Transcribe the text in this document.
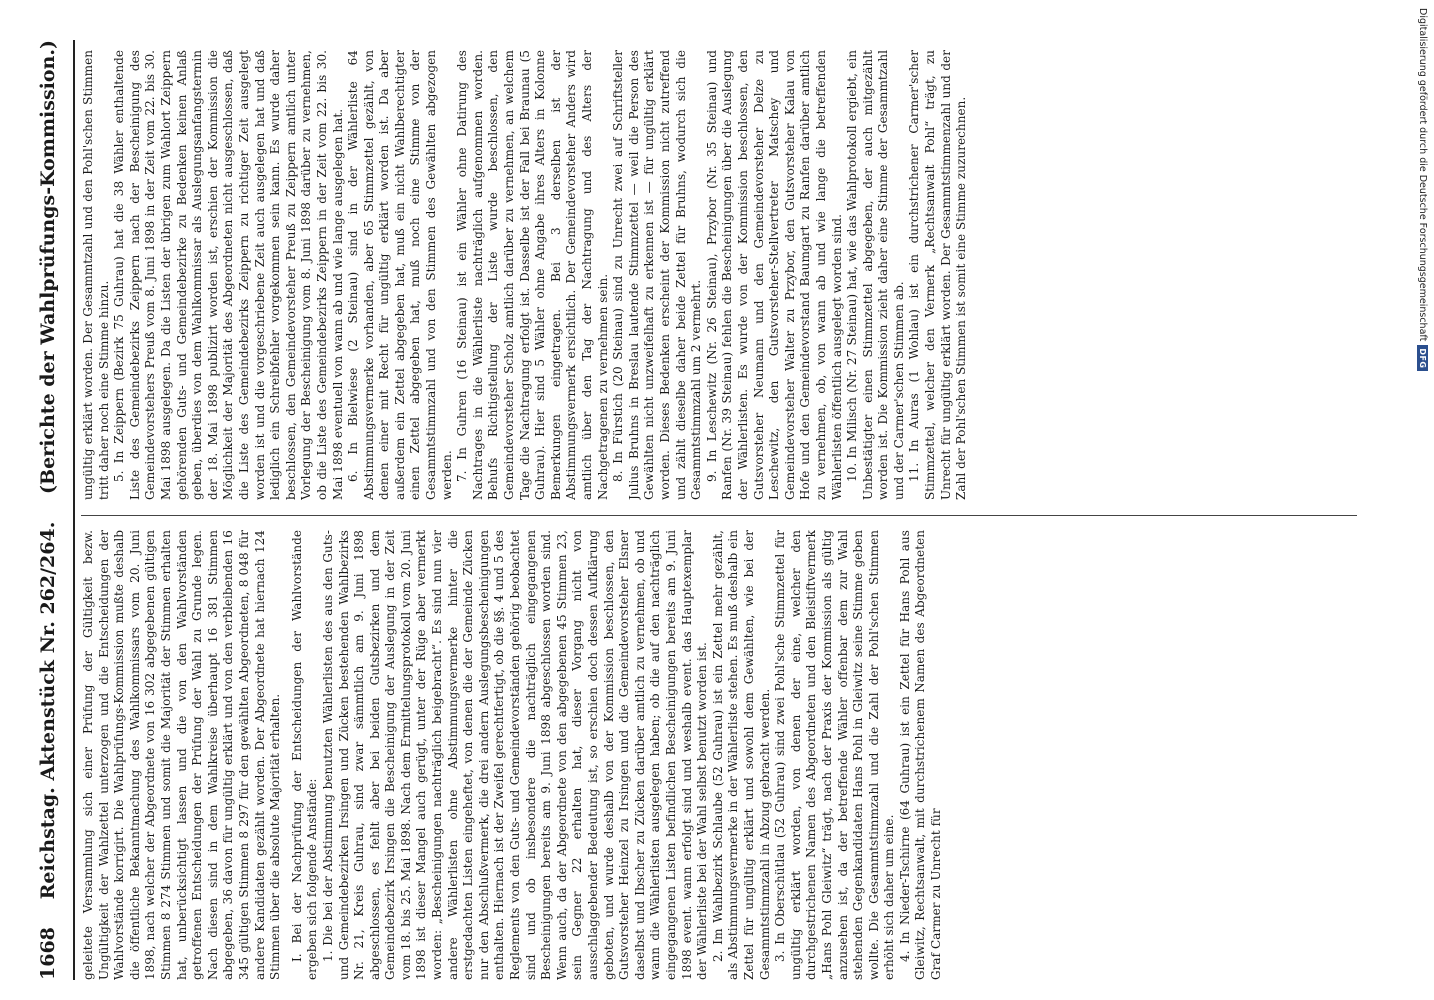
1668
Reichstag. Aktenstück Nr. 262/264.
(Berichte der Wahlprüfungs-Kommission.)

geleitete Versammlung sich einer Prüfung der Gültigkeit bezw. Ungültigkeit der Wahlzettel unterzogen und die Entscheidungen der Wahlvorstände korrigirt. Die Wahlprüfungs-Kommission mußte deshalb die öffentliche Bekanntmachung des Wahlkommissars vom 20. Juni 1898, nach welcher der Abgeordnete von 16 302 abgegebenen gültigen Stimmen 8 274 Stimmen und somit die Majorität der Stimmen erhalten hat, unberücksichtigt lassen und die von den Wahlvorständen getroffenen Entscheidungen der Prüfung der Wahl zu Grunde legen. Nach diesen sind in dem Wahlkreise überhaupt 16 381 Stimmen abgegeben, 36 davon für ungültig erklärt und von den verbleibenden 16 345 gültigen Stimmen 8 297 für den gewählten Abgeordneten, 8 048 für andere Kandidaten gezählt worden. Der Abgeordnete hat hiernach 124 Stimmen über die absolute Majorität erhalten. I. Bei der Nachprüfung der Entscheidungen der Wahlvorstände ergeben sich folgende Anstände: 1. Die bei der Abstimmung benutzten Wählerlisten des aus den Guts- und Gemeindebezirken Irsingen und Zücken bestehenden Wahlbezirks Nr. 21, Kreis Guhrau, sind zwar sämmtlich am 9. Juni 1898 abgeschlossen, es fehlt aber bei beiden Gutsbezirken und dem Gemeindebezirk Irsingen die Bescheinigung der Auslegung in der Zeit vom 18. bis 25. Mai 1898. Nach dem Ermittelungsprotokoll vom 20. Juni 1898 ist dieser Mangel auch gerügt, unter der Rüge aber vermerkt worden: „Bescheinigungen nachträglich beigebracht“. Es sind nun vier andere Wählerlisten ohne Abstimmungsvermerke hinter die erstgedachten Listen eingeheftet, von denen die der Gemeinde Zücken nur den Abschlußvermerk, die drei andern Auslegungsbescheinigungen enthalten. Hiernach ist der Zweifel gerechtfertigt, ob die §§. 4 und 5 des Reglements von den Guts- und Gemeindevorständen gehörig beobachtet sind und ob insbesondere die nachträglich eingegangenen Bescheinigungen bereits am 9. Juni 1898 abgeschlossen worden sind. Wenn auch, da der Abgeordnete von den abgegebenen 45 Stimmen 23, sein Gegner 22 erhalten hat, dieser Vorgang nicht von ausschlaggebender Bedeutung ist, so erschien doch dessen Aufklärung geboten, und wurde deshalb von der Kommission beschlossen, den Gutsvorsteher Heinzel zu Irsingen und die Gemeindevorsteher Elsner daselbst und Ibscher zu Zücken darüber amtlich zu vernehmen, ob und wann die Wählerlisten ausgelegen haben; ob die auf den nachträglich eingegangenen Listen befindlichen Bescheinigungen bereits am 9. Juni 1898 event. wann erfolgt sind und weshalb event. das Hauptexemplar der Wählerliste bei der Wahl selbst benutzt worden ist. 2. Im Wahlbezirk Schlaube (52 Guhrau) ist ein Zettel mehr gezählt, als Abstimmungsvermerke in der Wählerliste stehen. Es muß deshalb ein Zettel für ungültig erklärt und sowohl dem Gewählten, wie bei der Gesammtstimmzahl in Abzug gebracht werden. 3. In Oberschütlau (52 Guhrau) sind zwei Pohl'sche Stimmzettel für ungültig erklärt worden, von denen der eine, welcher den durchgestrichenen Namen des Abgeordneten und den Bleistiftvermerk „Hans Pohl Gleiwitz“ trägt, nach der Praxis der Kommission als gültig anzusehen ist, da der betreffende Wähler offenbar dem zur Wahl stehenden Gegenkandidaten Hans Pohl in Gleiwitz seine Stimme geben wollte. Die Gesammtstimmzahl und die Zahl der Pohl'schen Stimmen erhöht sich daher um eine. 4. In Nieder-Tschirne (64 Guhrau) ist ein Zettel für Hans Pohl aus Gleiwitz, Rechtsanwalt, mit durchstrichenem Namen des Abgeordneten Graf Carmer zu Unrecht für

ungültig erklärt worden. Der Gesammtzahl und den Pohl'schen Stimmen tritt daher noch eine Stimme hinzu. 5. In Zeippern (Bezirk 75 Guhrau) hat die 38 Wähler enthaltende Liste des Gemeindebezirks Zeippern nach der Bescheinigung des Gemeindevorstehers Preuß vom 8. Juni 1898 in der Zeit vom 22. bis 30. Mai 1898 ausgelegen. Da die Listen der übrigen zum Wahlort Zeippern gehörenden Guts- und Gemeindebezirke zu Bedenken keinen Anlaß geben, überdies von dem Wahlkommissar als Auslegungsanfangstermin der 18. Mai 1898 publizirt worden ist, erschien der Kommission die Möglichkeit der Majorität des Abgeordneten nicht ausgeschlossen, daß die Liste des Gemeindebezirks Zeippern zu richtiger Zeit ausgelegt worden ist und die vorgeschriebene Zeit auch ausgelegen hat und daß lediglich ein Schreibfehler vorgekommen sein kann. Es wurde daher beschlossen, den Gemeindevorsteher Preuß zu Zeippern amtlich unter Vorlegung der Bescheinigung vom 8. Juni 1898 darüber zu vernehmen, ob die Liste des Gemeindebezirks Zeippern in der Zeit vom 22. bis 30. Mai 1898 eventuell von wann ab und wie lange ausgelegen hat. 6. In Bielwiese (2 Steinau) sind in der Wählerliste 64 Abstimmungsvermerke vorhanden, aber 65 Stimmzettel gezählt, von denen einer mit Recht für ungültig erklärt worden ist. Da aber außerdem ein Zettel abgegeben hat, muß ein nicht Wahlberechtigter einen Zettel abgegeben hat, muß noch eine Stimme von der Gesammtstimmzahl und von den Stimmen des Gewählten abgezogen werden. 7. In Guhren (16 Steinau) ist ein Wähler ohne Datirung des Nachtrages in die Wählerliste nachträglich aufgenommen worden. Behufs Richtigstellung der Liste wurde beschlossen, den Gemeindevorsteher Scholz amtlich darüber zu vernehmen, an welchem Tage die Nachtragung erfolgt ist. Dasselbe ist der Fall bei Braunau (5 Guhrau). Hier sind 5 Wähler ohne Angabe ihres Alters in Kolonne Bemerkungen eingetragen. Bei 3 derselben ist der Abstimmungsvermerk ersichtlich. Der Gemeindevorsteher Anders wird amtlich über den Tag der Nachtragung und des Alters der Nachgetragenen zu vernehmen sein. 8. In Fürstich (20 Steinau) sind zu Unrecht zwei auf Schriftsteller Julius Bruhns in Breslau lautende Stimmzettel — weil die Person des Gewählten nicht unzweifelhaft zu erkennen ist — für ungültig erklärt worden. Dieses Bedenken erscheint der Kommission nicht zutreffend und zählt dieselbe daher beide Zettel für Bruhns, wodurch sich die Gesammtstimmzahl um 2 vermehrt. 9. In Leschewitz (Nr. 26 Steinau), Przybor (Nr. 35 Steinau) und Ranfen (Nr. 39 Steinau) fehlen die Bescheinigungen über die Auslegung der Wählerlisten. Es wurde von der Kommission beschlossen, den Gutsvorsteher Neumann und den Gemeindevorsteher Delze zu Leschewitz, den Gutsvorsteher-Stellvertreter Matschey und Gemeindevorsteher Walter zu Przybor, den Gutsvorsteher Kalau von Hofe und den Gemeindevorstand Baumgart zu Ranfen darüber amtlich zu vernehmen, ob, von wann ab und wie lange die betreffenden Wählerlisten öffentlich ausgelegt worden sind. 10. In Milisch (Nr. 27 Steinau) hat, wie das Wahlprotokoll ergiebt, ein Unbestätigter einen Stimmzettel abgegeben, der auch mitgezählt worden ist. Die Kommission zieht daher eine Stimme der Gesammtzahl und der Carmer'schen Stimmen ab. 11. In Auras (1 Wohlau) ist ein durchstrichener Carmer'scher Stimmzettel, welcher den Vermerk „Rechtsanwalt Pohl“ trägt, zu Unrecht für ungültig erklärt worden. Der Gesammtstimmenzahl und der Zahl der Pohl'schen Stimmen ist somit eine Stimme zuzurechnen.	Digitalisierung gefördert durch die Deutsche Forschungsgemeinschaft
DFG
